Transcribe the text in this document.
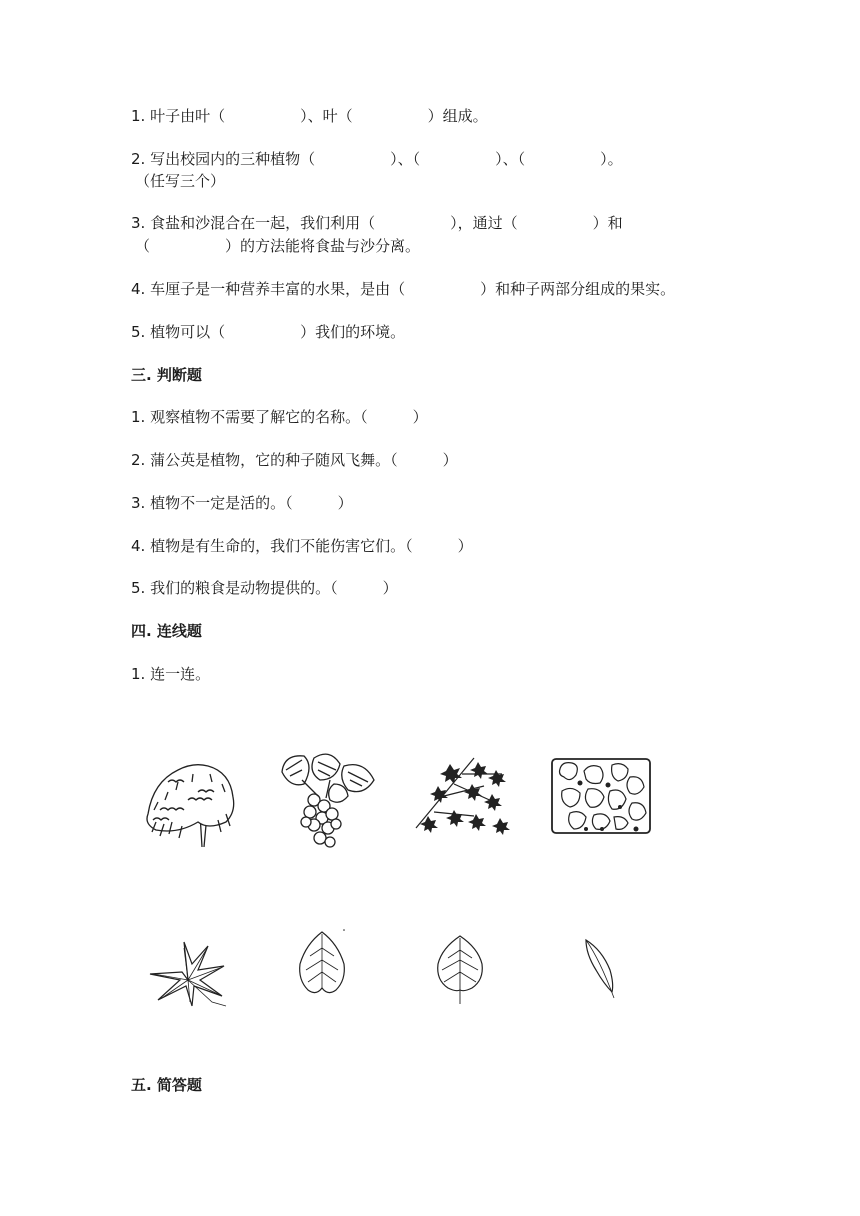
1. 叶子由叶（　　　　　）、叶（　　　　　）组成。
2. 写出校园内的三种植物（　　　　　）、（　　　　　）、（　　　　　）。
（任写三个）
3. 食盐和沙混合在一起，我们利用（　　　　　），通过（　　　　　）和
（　　　　　）的方法能将食盐与沙分离。
4. 车厘子是一种营养丰富的水果，是由（　　　　　）和种子两部分组成的果实。
5. 植物可以（　　　　　）我们的环境。
三. 判断题
1. 观察植物不需要了解它的名称。（　　　）
2. 蒲公英是植物，它的种子随风飞舞。（　　　）
3. 植物不一定是活的。（　　　）
4. 植物是有生命的，我们不能伤害它们。（　　　）
5. 我们的粮食是动物提供的。（　　　）
四. 连线题
1. 连一连。
五. 简答题
